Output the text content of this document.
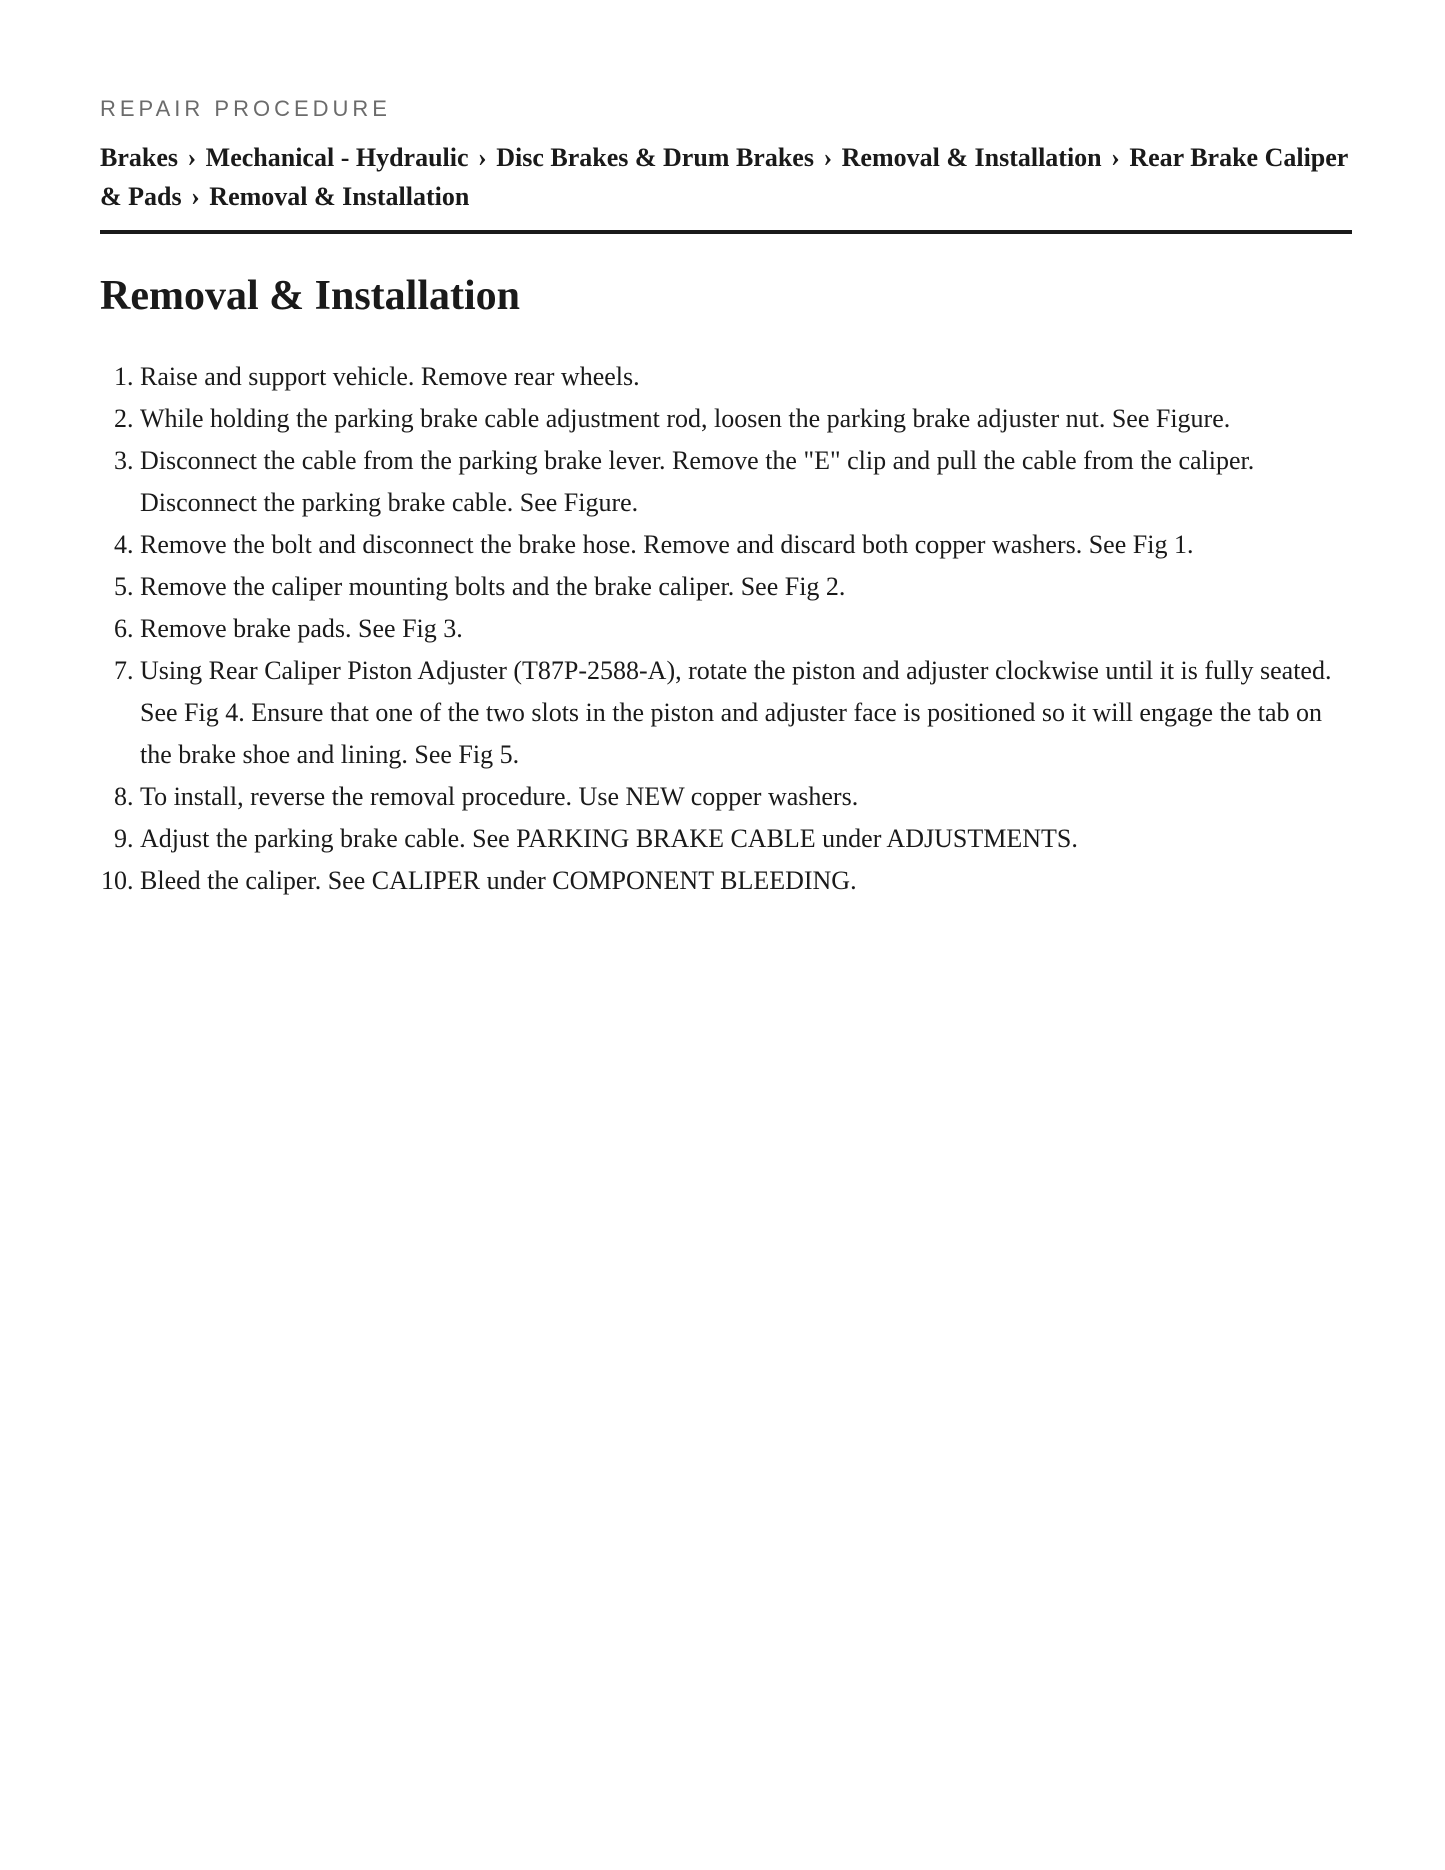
REPAIR PROCEDURE

Brakes › Mechanical - Hydraulic › Disc Brakes & Drum Brakes › Removal & Installation › Rear Brake Caliper & Pads › Removal & Installation
Removal & Installation
1. Raise and support vehicle. Remove rear wheels.
2. While holding the parking brake cable adjustment rod, loosen the parking brake adjuster nut. See Figure.
3. Disconnect the cable from the parking brake lever. Remove the "E" clip and pull the cable from the caliper. Disconnect the parking brake cable. See Figure.
4. Remove the bolt and disconnect the brake hose. Remove and discard both copper washers. See Fig 1.
5. Remove the caliper mounting bolts and the brake caliper. See Fig 2.
6. Remove brake pads. See Fig 3.
7. Using Rear Caliper Piston Adjuster (T87P-2588-A), rotate the piston and adjuster clockwise until it is fully seated. See Fig 4. Ensure that one of the two slots in the piston and adjuster face is positioned so it will engage the tab on the brake shoe and lining. See Fig 5.
8. To install, reverse the removal procedure. Use NEW copper washers.
9. Adjust the parking brake cable. See PARKING BRAKE CABLE under ADJUSTMENTS.
10. Bleed the caliper. See CALIPER under COMPONENT BLEEDING.
